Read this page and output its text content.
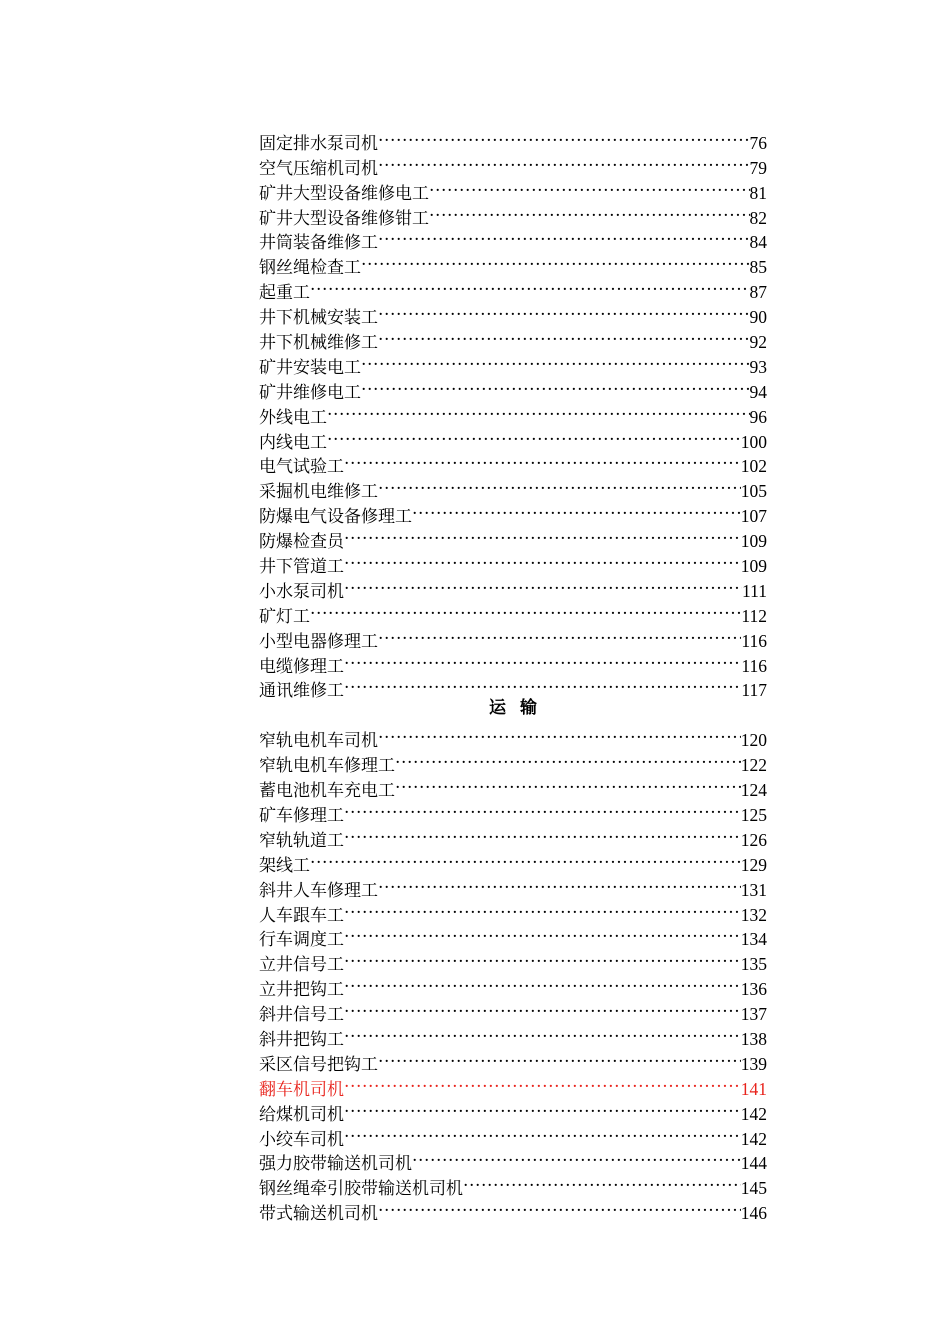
固定排水泵司机 .....	76
空气压缩机司机 .....	79
矿井大型设备维修电工 .....	81
矿井大型设备维修钳工 .....	82
井筒装备维修工 .....	84
钢丝绳检查工 .....	85
起重工 .....	87
井下机械安装工 .....	90
井下机械维修工 .....	92
矿井安装电工 .....	93
矿井维修电工 .....	94
外线电工 .....	96
内线电工 .....	100
电气试验工 .....	102
采掘机电维修工 .....	105
防爆电气设备修理工 .....	107
防爆检查员 .....	109
井下管道工 .....	109
小水泵司机 .....	111
矿灯工 .....	112
小型电器修理工 .....	116
电缆修理工 .....	116
通讯维修工 .....	117
运输
窄轨电机车司机 .....	120
窄轨电机车修理工 .....	122
蓄电池机车充电工 .....	124
矿车修理工 .....	125
窄轨轨道工 .....	126
架线工 .....	129
斜井人车修理工 .....	131
人车跟车工 .....	132
行车调度工 .....	134
立井信号工 .....	135
立井把钩工 .....	136
斜井信号工 .....	137
斜井把钩工 .....	138
采区信号把钩工 .....	139
翻车机司机 .....	141
给煤机司机 .....	142
小绞车司机 .....	142
强力胶带输送机司机 .....	144
钢丝绳牵引胶带输送机司机 .....	145
带式输送机司机 .....	146
